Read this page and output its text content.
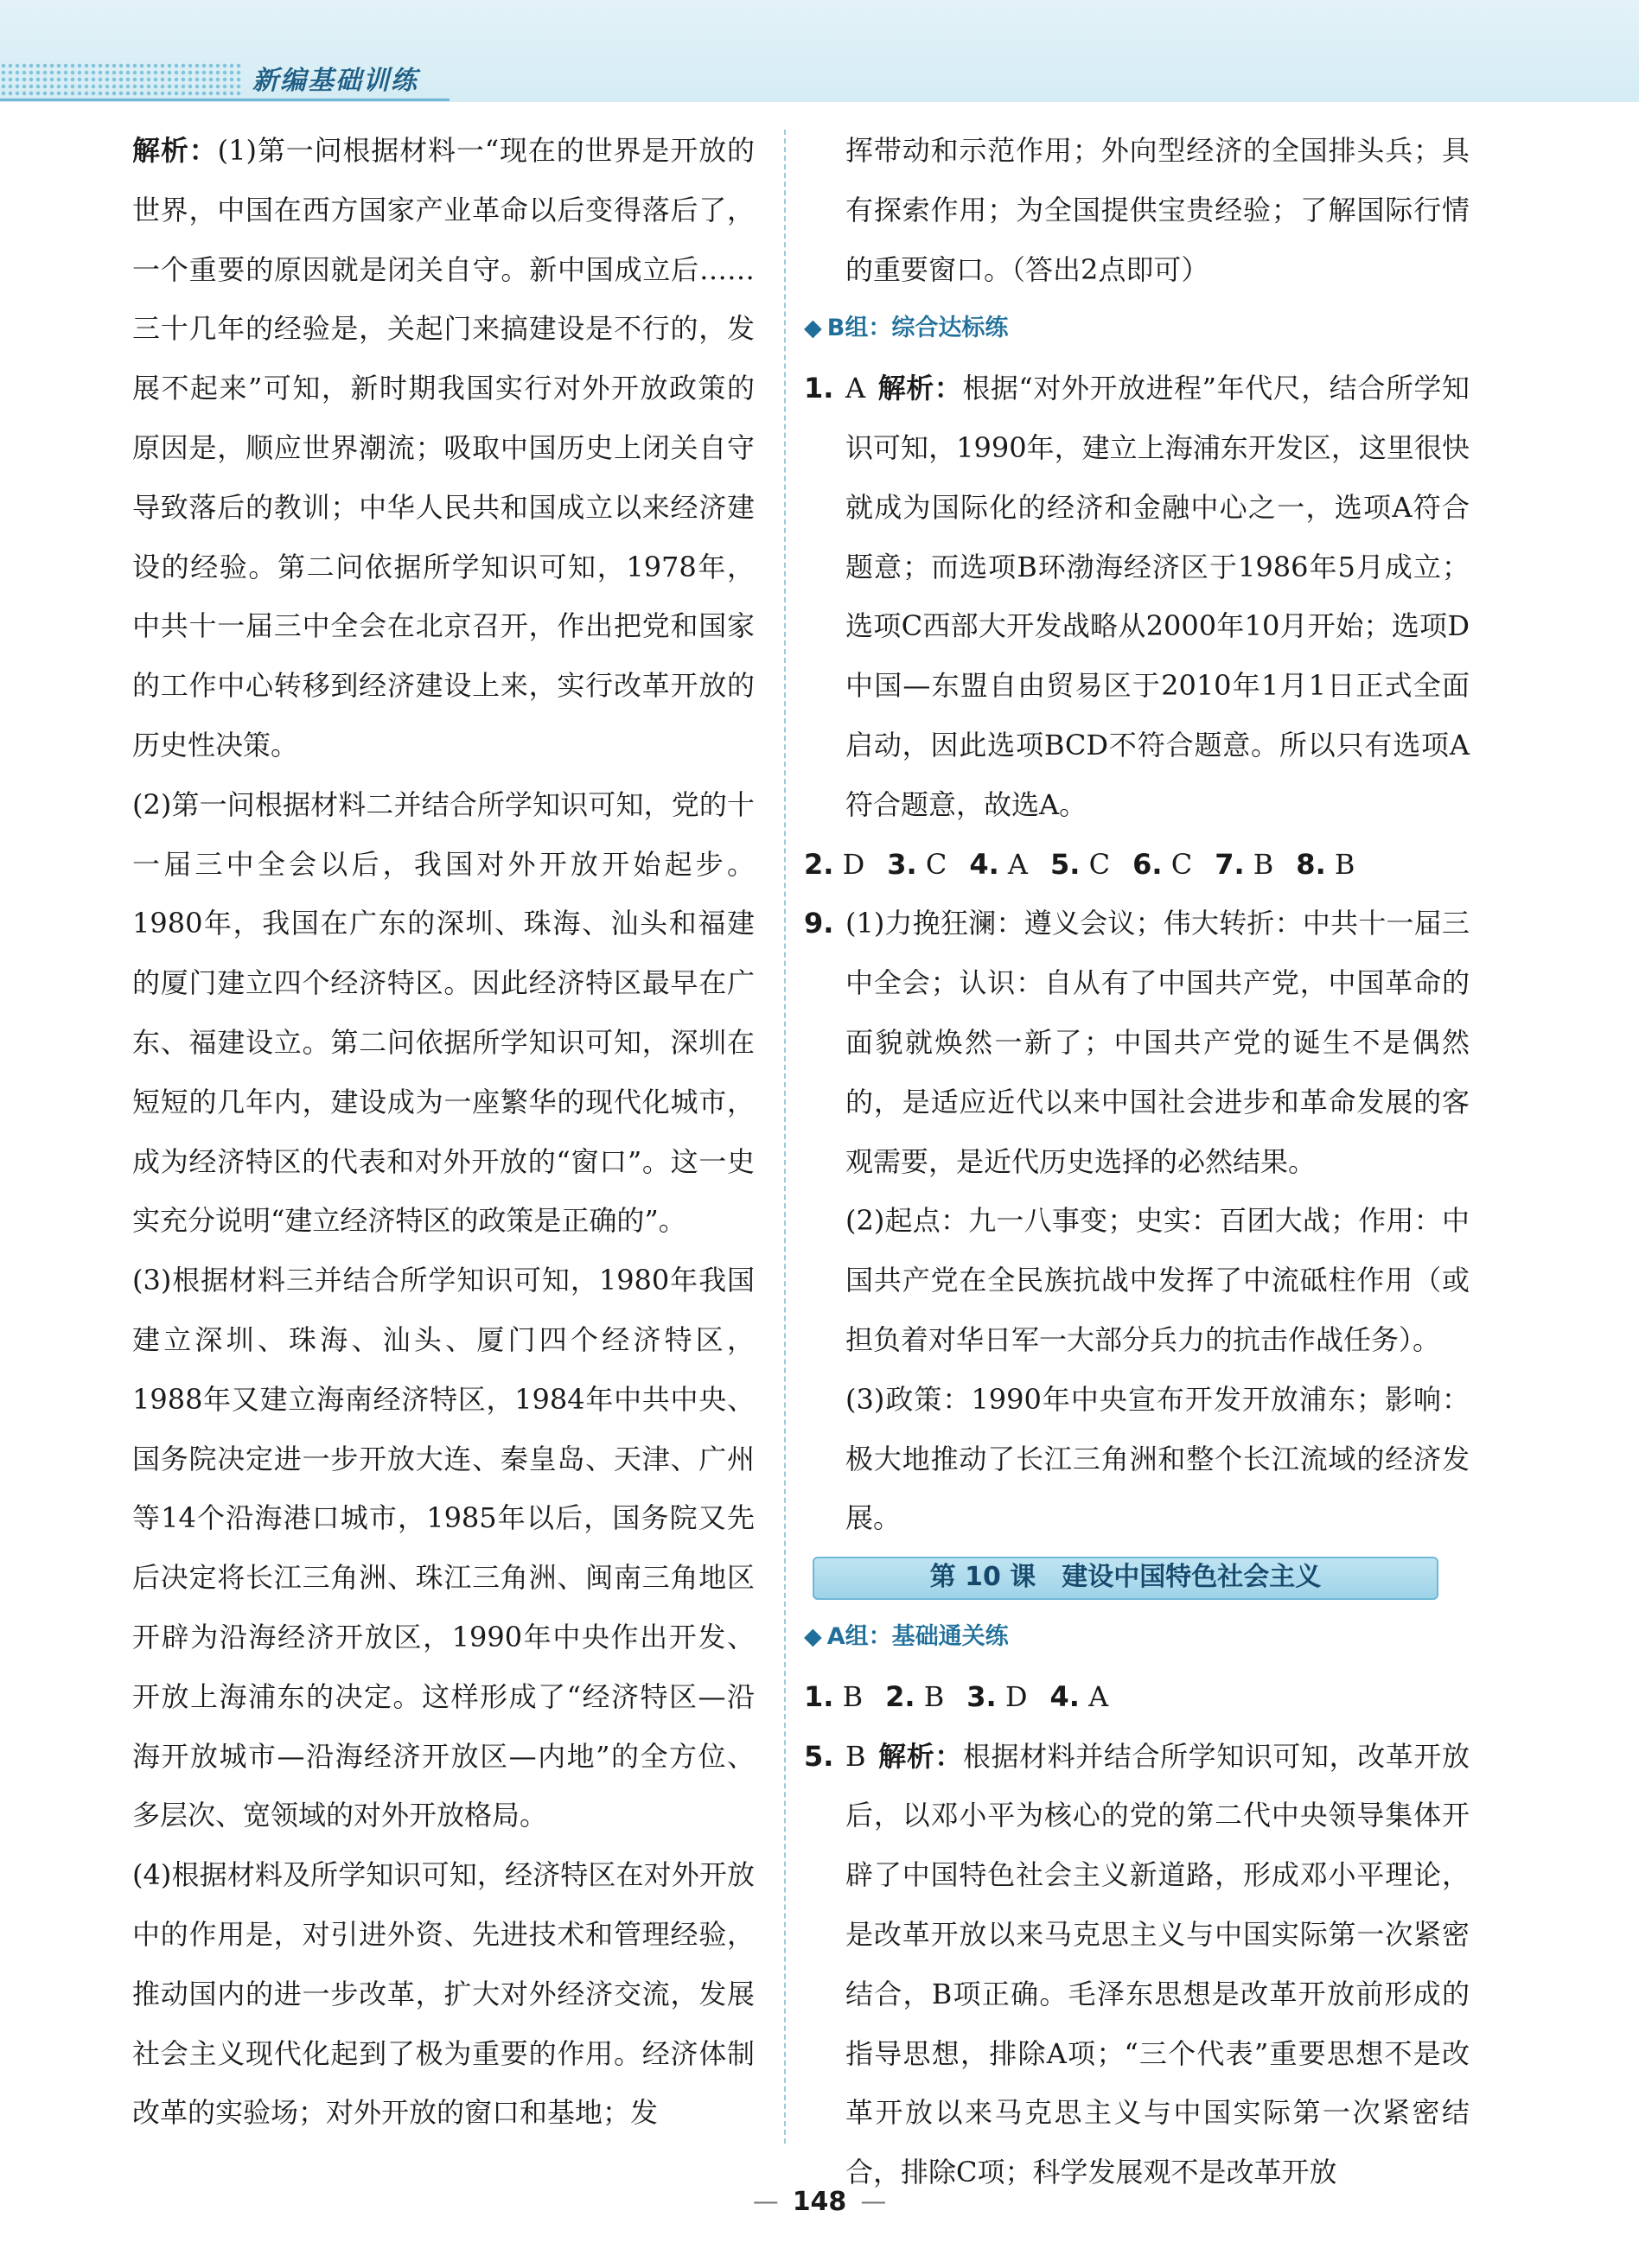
新编基础训练

解析：(1)第一问根据材料一“现在的世界是开放的世界，中国在西方国家产业革命以后变得落后了，一个重要的原因就是闭关自守。新中国成立后……三十几年的经验是，关起门来搞建设是不行的，发展不起来”可知，新时期我国实行对外开放政策的原因是，顺应世界潮流；吸取中国历史上闭关自守导致落后的教训；中华人民共和国成立以来经济建设的经验。第二问依据所学知识可知，1978年，中共十一届三中全会在北京召开，作出把党和国家的工作中心转移到经济建设上来，实行改革开放的历史性决策。

(2)第一问根据材料二并结合所学知识可知，党的十一届三中全会以后，我国对外开放开始起步。1980年，我国在广东的深圳、珠海、汕头和福建的厦门建立四个经济特区。因此经济特区最早在广东、福建设立。第二问依据所学知识可知，深圳在短短的几年内，建设成为一座繁华的现代化城市，成为经济特区的代表和对外开放的“窗口”。这一史实充分说明“建立经济特区的政策是正确的”。

(3)根据材料三并结合所学知识可知，1980年我国建立深圳、珠海、汕头、厦门四个经济特区，1988年又建立海南经济特区，1984年中共中央、国务院决定进一步开放大连、秦皇岛、天津、广州等14个沿海港口城市，1985年以后，国务院又先后决定将长江三角洲、珠江三角洲、闽南三角地区开辟为沿海经济开放区，1990年中央作出开发、开放上海浦东的决定。这样形成了“经济特区—沿海开放城市—沿海经济开放区—内地”的全方位、多层次、宽领域的对外开放格局。

(4)根据材料及所学知识可知，经济特区在对外开放中的作用是，对引进外资、先进技术和管理经验，推动国内的进一步改革，扩大对外经济交流，发展社会主义现代化起到了极为重要的作用。经济体制改革的实验场；对外开放的窗口和基地；发

挥带动和示范作用；外向型经济的全国排头兵；具有探索作用；为全国提供宝贵经验；了解国际行情的重要窗口。（答出2点即可）

◆ B组：综合达标练
1. A 解析：根据“对外开放进程”年代尺，结合所学知识可知，1990年，建立上海浦东开发区，这里很快就成为国际化的经济和金融中心之一，选项A符合题意；而选项B环渤海经济区于1986年5月成立；选项C西部大开发战略从2000年10月开始；选项D中国—东盟自由贸易区于2010年1月1日正式全面启动，因此选项BCD不符合题意。所以只有选项A符合题意，故选A。
2. D 3. C 4. A 5. C 6. C 7. B 8. B
9. (1)力挽狂澜：遵义会议；伟大转折：中共十一届三中全会；认识：自从有了中国共产党，中国革命的面貌就焕然一新了；中国共产党的诞生不是偶然的，是适应近代以来中国社会进步和革命发展的客观需要，是近代历史选择的必然结果。

(2)起点：九一八事变；史实：百团大战；作用：中国共产党在全民族抗战中发挥了中流砥柱作用（或担负着对华日军一大部分兵力的抗击作战任务）。

(3)政策：1990年中央宣布开发开放浦东；影响：极大地推动了长江三角洲和整个长江流域的经济发展。

第 10 课　建设中国特色社会主义
◆ A组：基础通关练
1. B 2. B 3. D 4. A
5. B 解析：根据材料并结合所学知识可知，改革开放后，以邓小平为核心的党的第二代中央领导集体开辟了中国特色社会主义新道路，形成邓小平理论，是改革开放以来马克思主义与中国实际第一次紧密结合，B项正确。毛泽东思想是改革开放前形成的指导思想，排除A项；“三个代表”重要思想不是改革开放以来马克思主义与中国实际第一次紧密结合，排除C项；科学发展观不是改革开放
— 148 —
